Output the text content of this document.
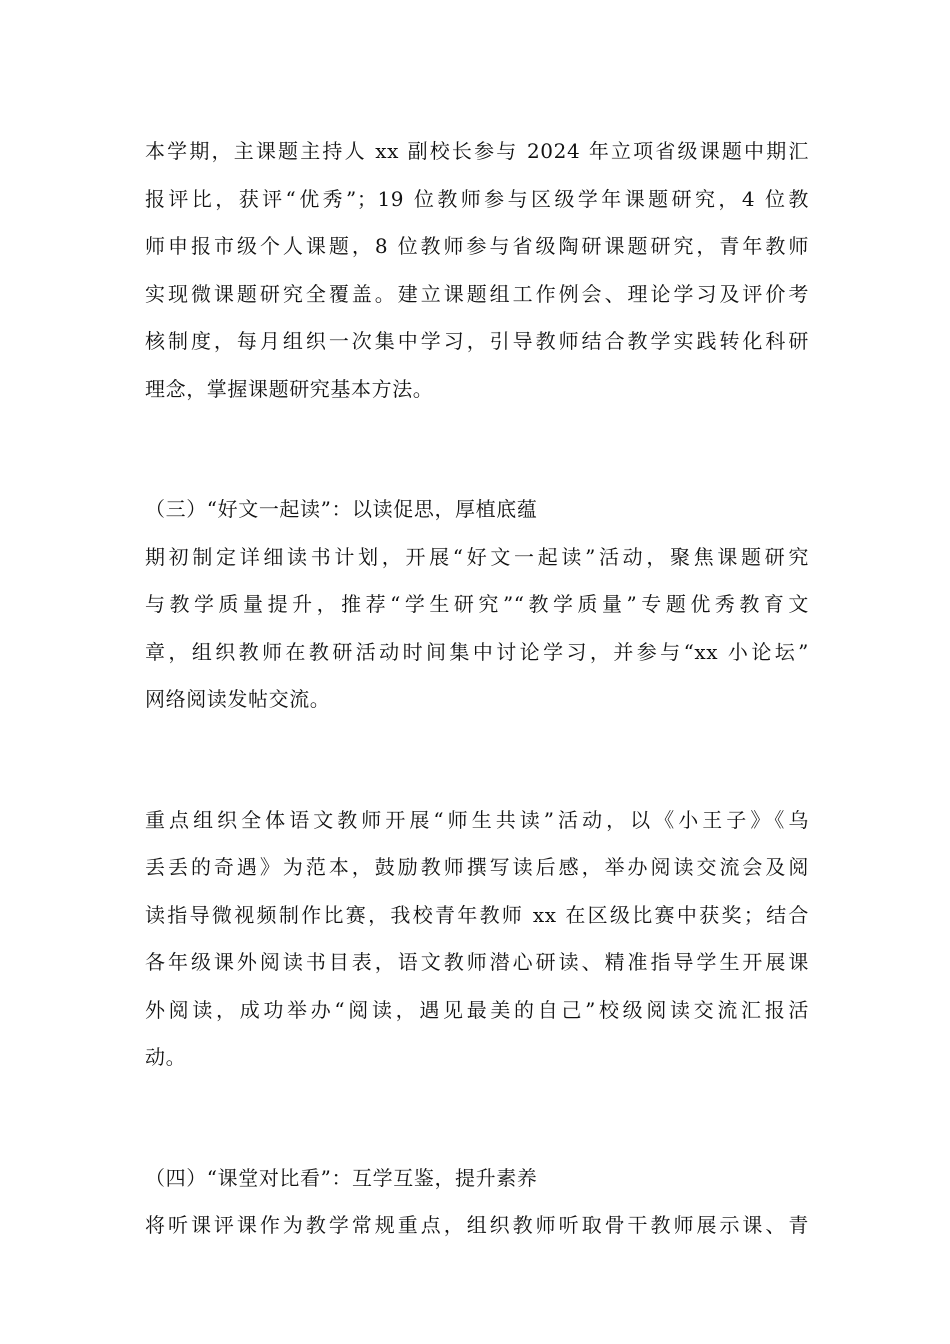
本学期，主课题主持人 xx 副校长参与 2024 年立项省级课题中期汇
报评比，获评“优秀”；19 位教师参与区级学年课题研究，4 位教
师申报市级个人课题，8 位教师参与省级陶研课题研究，青年教师
实现微课题研究全覆盖。建立课题组工作例会、理论学习及评价考
核制度，每月组织一次集中学习，引导教师结合教学实践转化科研
理念，掌握课题研究基本方法。

（三）“好文一起读”：以读促思，厚植底蕴

期初制定详细读书计划，开展“好文一起读”活动，聚焦课题研究
与教学质量提升，推荐“学生研究”“教学质量”专题优秀教育文
章，组织教师在教研活动时间集中讨论学习，并参与“xx 小论坛”
网络阅读发帖交流。

重点组织全体语文教师开展“师生共读”活动，以《小王子》《乌
丢丢的奇遇》为范本，鼓励教师撰写读后感，举办阅读交流会及阅
读指导微视频制作比赛，我校青年教师 xx 在区级比赛中获奖；结合
各年级课外阅读书目表，语文教师潜心研读、精准指导学生开展课
外阅读，成功举办“阅读，遇见最美的自己”校级阅读交流汇报活
动。

（四）“课堂对比看”：互学互鉴，提升素养

将听课评课作为教学常规重点，组织教师听取骨干教师展示课、青
